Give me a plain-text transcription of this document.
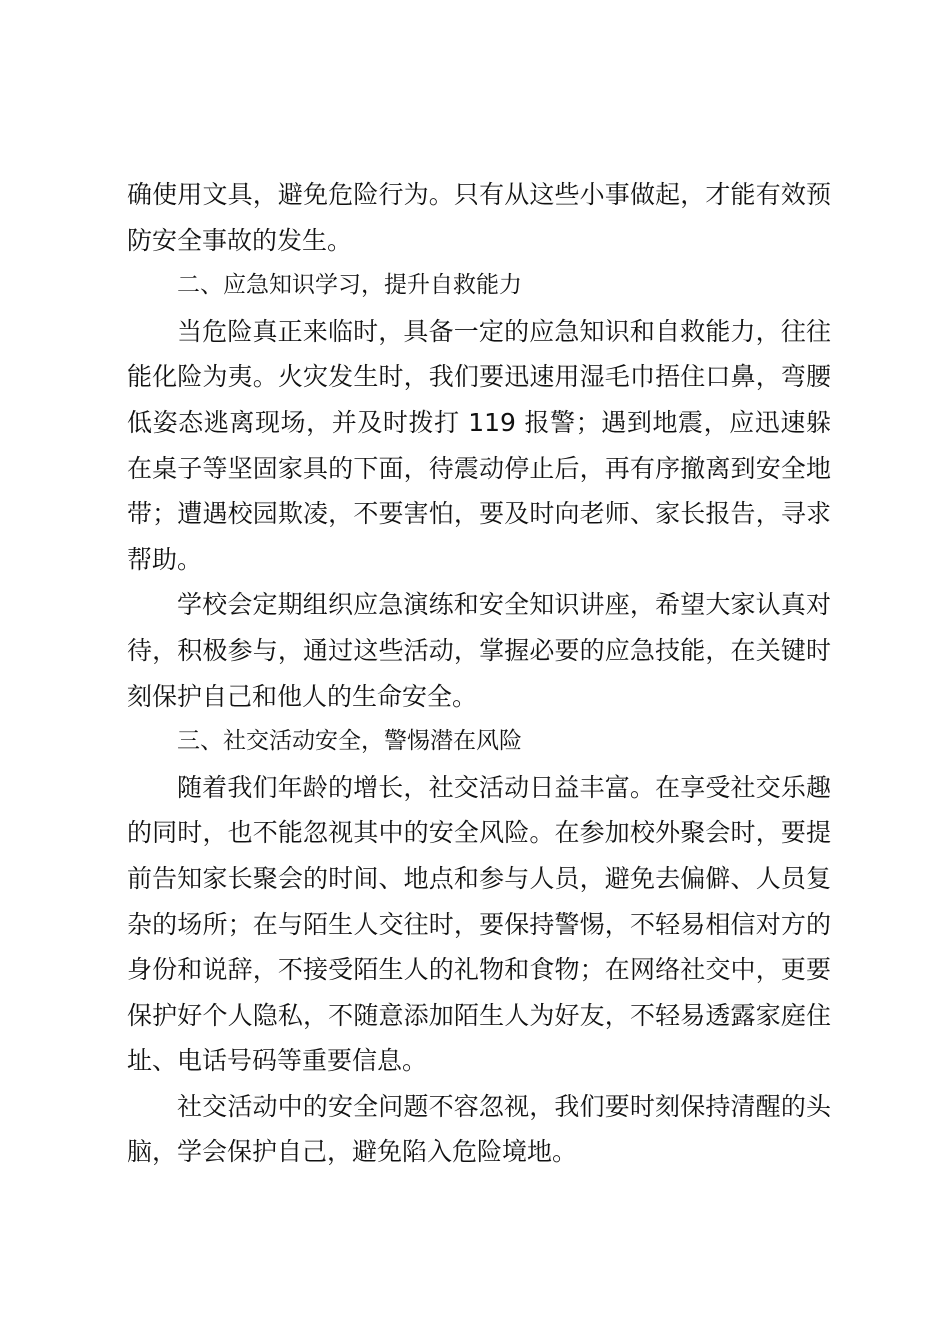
确使用文具，避免危险行为。只有从这些小事做起，才能有效预防安全事故的发生。

二、应急知识学习，提升自救能力

当危险真正来临时，具备一定的应急知识和自救能力，往往能化险为夷。火灾发生时，我们要迅速用湿毛巾捂住口鼻，弯腰低姿态逃离现场，并及时拨打 119 报警；遇到地震，应迅速躲在桌子等坚固家具的下面，待震动停止后，再有序撤离到安全地带；遭遇校园欺凌，不要害怕，要及时向老师、家长报告，寻求帮助。

学校会定期组织应急演练和安全知识讲座，希望大家认真对待，积极参与，通过这些活动，掌握必要的应急技能，在关键时刻保护自己和他人的生命安全。

三、社交活动安全，警惕潜在风险

随着我们年龄的增长，社交活动日益丰富。在享受社交乐趣的同时，也不能忽视其中的安全风险。在参加校外聚会时，要提前告知家长聚会的时间、地点和参与人员，避免去偏僻、人员复杂的场所；在与陌生人交往时，要保持警惕，不轻易相信对方的身份和说辞，不接受陌生人的礼物和食物；在网络社交中，更要保护好个人隐私，不随意添加陌生人为好友，不轻易透露家庭住址、电话号码等重要信息。

社交活动中的安全问题不容忽视，我们要时刻保持清醒的头脑，学会保护自己，避免陷入危险境地。
